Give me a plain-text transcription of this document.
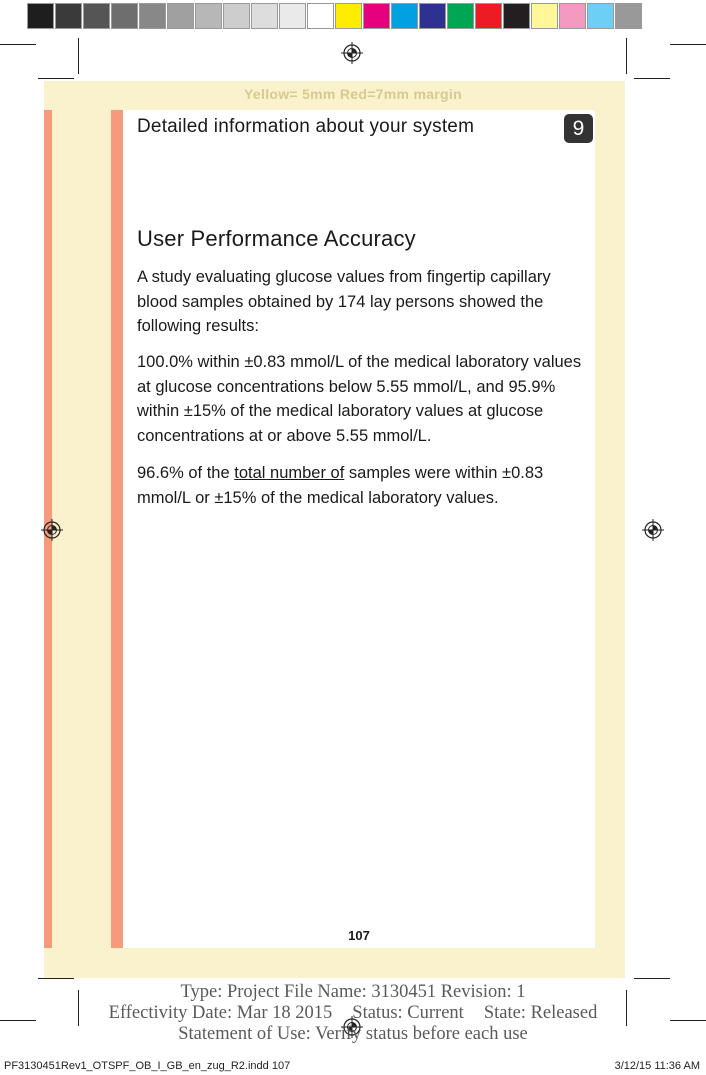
Yellow= 5mm Red=7mm margin
Detailed information about your system	9
User Performance Accuracy

A study evaluating glucose values from fingertip capillary blood samples obtained by 174 lay persons showed the following results:

100.0% within ±0.83 mmol/L of the medical laboratory values at glucose concentrations below 5.55 mmol/L, and 95.9% within ±15% of the medical laboratory values at glucose concentrations at or above 5.55 mmol/L.

96.6% of the total number of samples were within ±0.83 mmol/L or ±15% of the medical laboratory values.

107
Type: Project File Name: 3130451 Revision: 1
Effectivity Date: Mar 18 2015 Status: Current State: Released
Statement of Use: Verify status before each use
PF3130451Rev1_OTSPF_OB_I_GB_en_zug_R2.indd 107	3/12/15 11:36 AM
